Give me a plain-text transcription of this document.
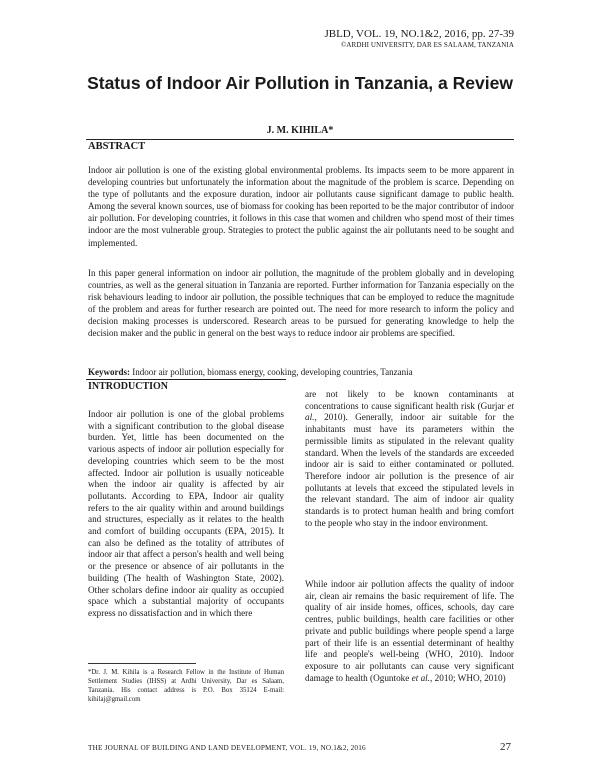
JBLD, VOL. 19, NO.1&2, 2016, pp. 27-39
©ARDHI UNIVERSITY, DAR ES SALAAM, TANZANIA
Status of Indoor Air Pollution in Tanzania, a Review
J. M. KIHILA*
ABSTRACT
Indoor air pollution is one of the existing global environmental problems. Its impacts seem to be more apparent in developing countries but unfortunately the information about the magnitude of the problem is scarce. Depending on the type of pollutants and the exposure duration, indoor air pollutants cause significant damage to public health. Among the several known sources, use of biomass for cooking has been reported to be the major contributor of indoor air pollution. For developing countries, it follows in this case that women and children who spend most of their times indoor are the most vulnerable group. Strategies to protect the public against the air pollutants need to be sought and implemented.
In this paper general information on indoor air pollution, the magnitude of the problem globally and in developing countries, as well as the general situation in Tanzania are reported. Further information for Tanzania especially on the risk behaviours leading to indoor air pollution, the possible techniques that can be employed to reduce the magnitude of the problem and areas for further research are pointed out. The need for more research to inform the policy and decision making processes is underscored. Research areas to be pursued for generating knowledge to help the decision maker and the public in general on the best ways to reduce indoor air problems are specified.
Keywords: Indoor air pollution, biomass energy, cooking, developing countries, Tanzania
INTRODUCTION
Indoor air pollution is one of the global problems with a significant contribution to the global disease burden. Yet, little has been documented on the various aspects of indoor air pollution especially for developing countries which seem to be the most affected. Indoor air pollution is usually noticeable when the indoor air quality is affected by air pollutants. According to EPA, Indoor air quality refers to the air quality within and around buildings and structures, especially as it relates to the health and comfort of building occupants (EPA, 2015). It can also be defined as the totality of attributes of indoor air that affect a person's health and well being or the presence or absence of air pollutants in the building (The health of Washington State, 2002). Other scholars define indoor air quality as occupied space which a substantial majority of occupants express no dissatisfaction and in which there
are not likely to be known contaminants at concentrations to cause significant health risk (Gurjar et al., 2010). Generally, indoor air suitable for the inhabitants must have its parameters within the permissible limits as stipulated in the relevant quality standard. When the levels of the standards are exceeded indoor air is said to either contaminated or polluted. Therefore indoor air pollution is the presence of air pollutants at levels that exceed the stipulated levels in the relevant standard. The aim of indoor air quality standards is to protect human health and bring comfort to the people who stay in the indoor environment.
While indoor air pollution affects the quality of indoor air, clean air remains the basic requirement of life. The quality of air inside homes, offices, schools, day care centres, public buildings, health care facilities or other private and public buildings where people spend a large part of their life is an essential determinant of healthy life and people's well-being (WHO, 2010). Indoor exposure to air pollutants can cause very significant damage to health (Oguntoke et al., 2010; WHO, 2010)
*Dr. J. M. Kihila is a Research Fellow in the Institute of Human Settlement Studies (IHSS) at Ardhi University, Dar es Salaam, Tanzania. His contact address is P.O. Box 35124 E-mail: kihilaj@gmail.com
THE JOURNAL OF BUILDING AND LAND DEVELOPMENT, VOL. 19, NO.1&2, 2016	27
